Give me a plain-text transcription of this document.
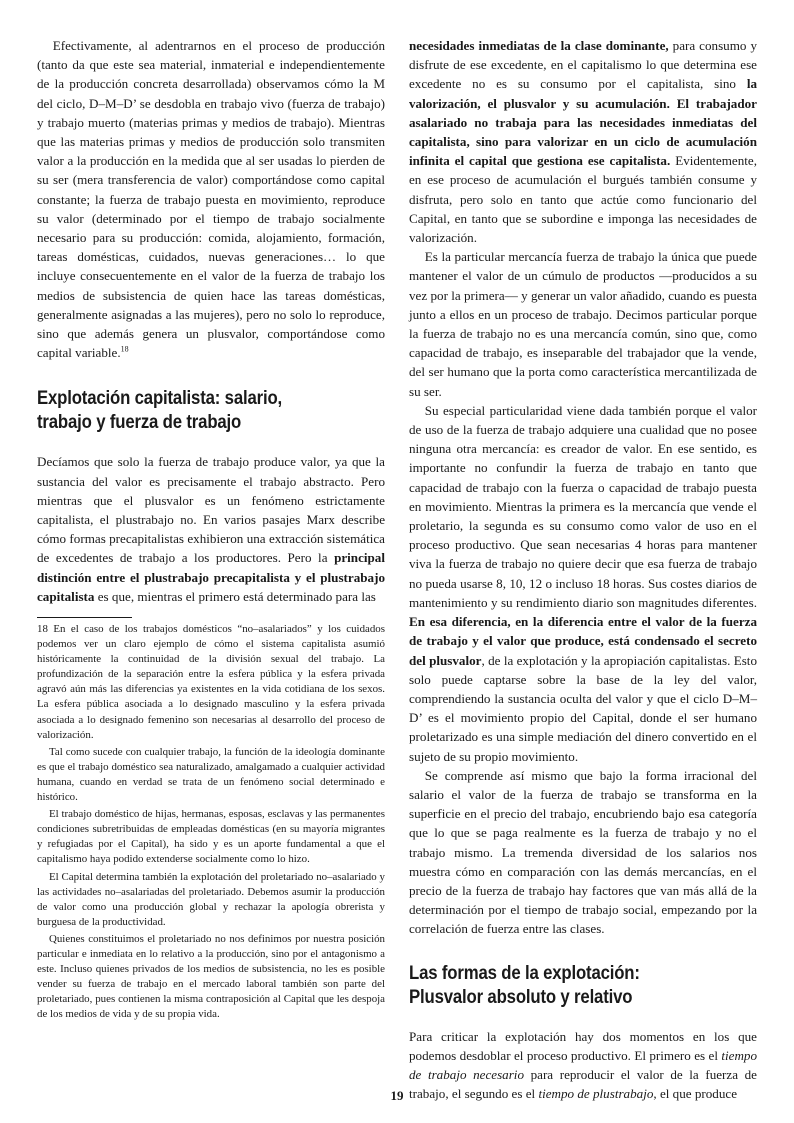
Efectivamente, al adentrarnos en el proceso de producción (tanto da que este sea material, inmaterial e independientemente de la producción concreta desarrollada) observamos cómo la M del ciclo, D–M–D’ se desdobla en trabajo vivo (fuerza de trabajo) y trabajo muerto (materias primas y medios de trabajo). Mientras que las materias primas y medios de producción solo transmiten valor a la producción en la medida que al ser usadas lo pierden de su ser (mera transferencia de valor) comportándose como capital constante; la fuerza de trabajo puesta en movimiento, reproduce su valor (determinado por el tiempo de trabajo socialmente necesario para su producción: comida, alojamiento, formación, tareas domésticas, cuidados, nuevas generaciones… lo que incluye consecuentemente en el valor de la fuerza de trabajo los medios de subsistencia de quien hace las tareas domésticas, generalmente asignadas a las mujeres), pero no solo lo reproduce, sino que además genera un plusvalor, comportándose como capital variable.$^{18}$

Explotación capitalista: salario,
trabajo y fuerza de trabajo

Decíamos que solo la fuerza de trabajo produce valor, ya que la sustancia del valor es precisamente el trabajo abstracto. Pero mientras que el plusvalor es un fenómeno estrictamente capitalista, el plustrabajo no. En varios pasajes Marx describe cómo formas precapitalistas exhibieron una extracción sistemática de excedentes de trabajo a los productores. Pero la principal distinción entre el plustrabajo precapitalista y el plustrabajo capitalista es que, mientras el primero está determinado para las

18 En el caso de los trabajos domésticos “no–asalariados” y los cuidados podemos ver un claro ejemplo de cómo el sistema capitalista asumió históricamente la continuidad de la división sexual del trabajo. La profundización de la separación entre la esfera pública y la esfera privada agravó aún más las diferencias ya existentes en la vida cotidiana de los sexos. La esfera pública asociada a lo designado masculino y la esfera privada asociada a lo designado femenino son necesarias al desarrollo del proceso de valorización.

Tal como sucede con cualquier trabajo, la función de la ideología dominante es que el trabajo doméstico sea naturalizado, amalgamado a cualquier actividad humana, cuando en verdad se trata de un fenómeno social determinado e histórico.

El trabajo doméstico de hijas, hermanas, esposas, esclavas y las permanentes condiciones subretribuidas de empleadas domésticas (en su mayoría migrantes y refugiadas por el Capital), ha sido y es un aporte fundamental a que el capitalismo haya podido extenderse socialmente como lo hizo.

El Capital determina también la explotación del proletariado no–asalariado y las actividades no–asalariadas del proletariado. Debemos asumir la producción de valor como una producción global y rechazar la apología obrerista y burguesa de la productividad.

Quienes constituimos el proletariado no nos definimos por nuestra posición particular e inmediata en lo relativo a la producción, sino por el antagonismo a este. Incluso quienes privados de los medios de subsistencia, no les es posible vender su fuerza de trabajo en el mercado laboral también son parte del proletariado, pues contienen la misma contraposición al Capital que les despoja de los medios de vida y de su propia vida.

necesidades inmediatas de la clase dominante, para consumo y disfrute de ese excedente, en el capitalismo lo que determina ese excedente no es su consumo por el capitalista, sino la valorización, el plusvalor y su acumulación. El trabajador asalariado no trabaja para las necesidades inmediatas del capitalista, sino para valorizar en un ciclo de acumulación infinita el capital que gestiona ese capitalista. Evidentemente, en ese proceso de acumulación el burgués también consume y disfruta, pero solo en tanto que actúe como funcionario del Capital, en tanto que se subordine e imponga las necesidades de valorización.

Es la particular mercancía fuerza de trabajo la única que puede mantener el valor de un cúmulo de productos —producidos a su vez por la primera— y generar un valor añadido, cuando es puesta junto a ellos en un proceso de trabajo. Decimos particular porque la fuerza de trabajo no es una mercancía común, sino que, como capacidad de trabajo, es inseparable del trabajador que la vende, del ser humano que la porta como característica mercantilizada de su ser.

Su especial particularidad viene dada también porque el valor de uso de la fuerza de trabajo adquiere una cualidad que no posee ninguna otra mercancía: es creador de valor. En ese sentido, es importante no confundir la fuerza de trabajo en tanto que capacidad de trabajo con la fuerza o capacidad de trabajo puesta en movimiento. Mientras la primera es la mercancía que vende el proletario, la segunda es su consumo como valor de uso en el proceso productivo. Que sean necesarias 4 horas para mantener viva la fuerza de trabajo no quiere decir que esa fuerza de trabajo no pueda usarse 8, 10, 12 o incluso 18 horas. Sus costes diarios de mantenimiento y su rendimiento diario son magnitudes diferentes. En esa diferencia, en la diferencia entre el valor de la fuerza de trabajo y el valor que produce, está condensado el secreto del plusvalor, de la explotación y la apropiación capitalistas. Esto solo puede captarse sobre la base de la ley del valor, comprendiendo la sustancia oculta del valor y que el ciclo D–M–D’ es el movimiento propio del Capital, donde el ser humano proletarizado es una simple mediación del dinero convertido en el sujeto de su propio movimiento.

Se comprende así mismo que bajo la forma irracional del salario el valor de la fuerza de trabajo se transforma en la superficie en el precio del trabajo, encubriendo bajo esa categoría que lo que se paga realmente es la fuerza de trabajo y no el trabajo mismo. La tremenda diversidad de los salarios nos muestra cómo en comparación con las demás mercancías, en el precio de la fuerza de trabajo hay factores que van más allá de la determinación por el tiempo de trabajo social, empezando por la correlación de fuerza entre las clases.

Las formas de la explotación:
Plusvalor absoluto y relativo

Para criticar la explotación hay dos momentos en los que podemos desdoblar el proceso productivo. El primero es el tiempo de trabajo necesario para reproducir el valor de la fuerza de trabajo, el segundo es el tiempo de plustrabajo, el que produce

19
